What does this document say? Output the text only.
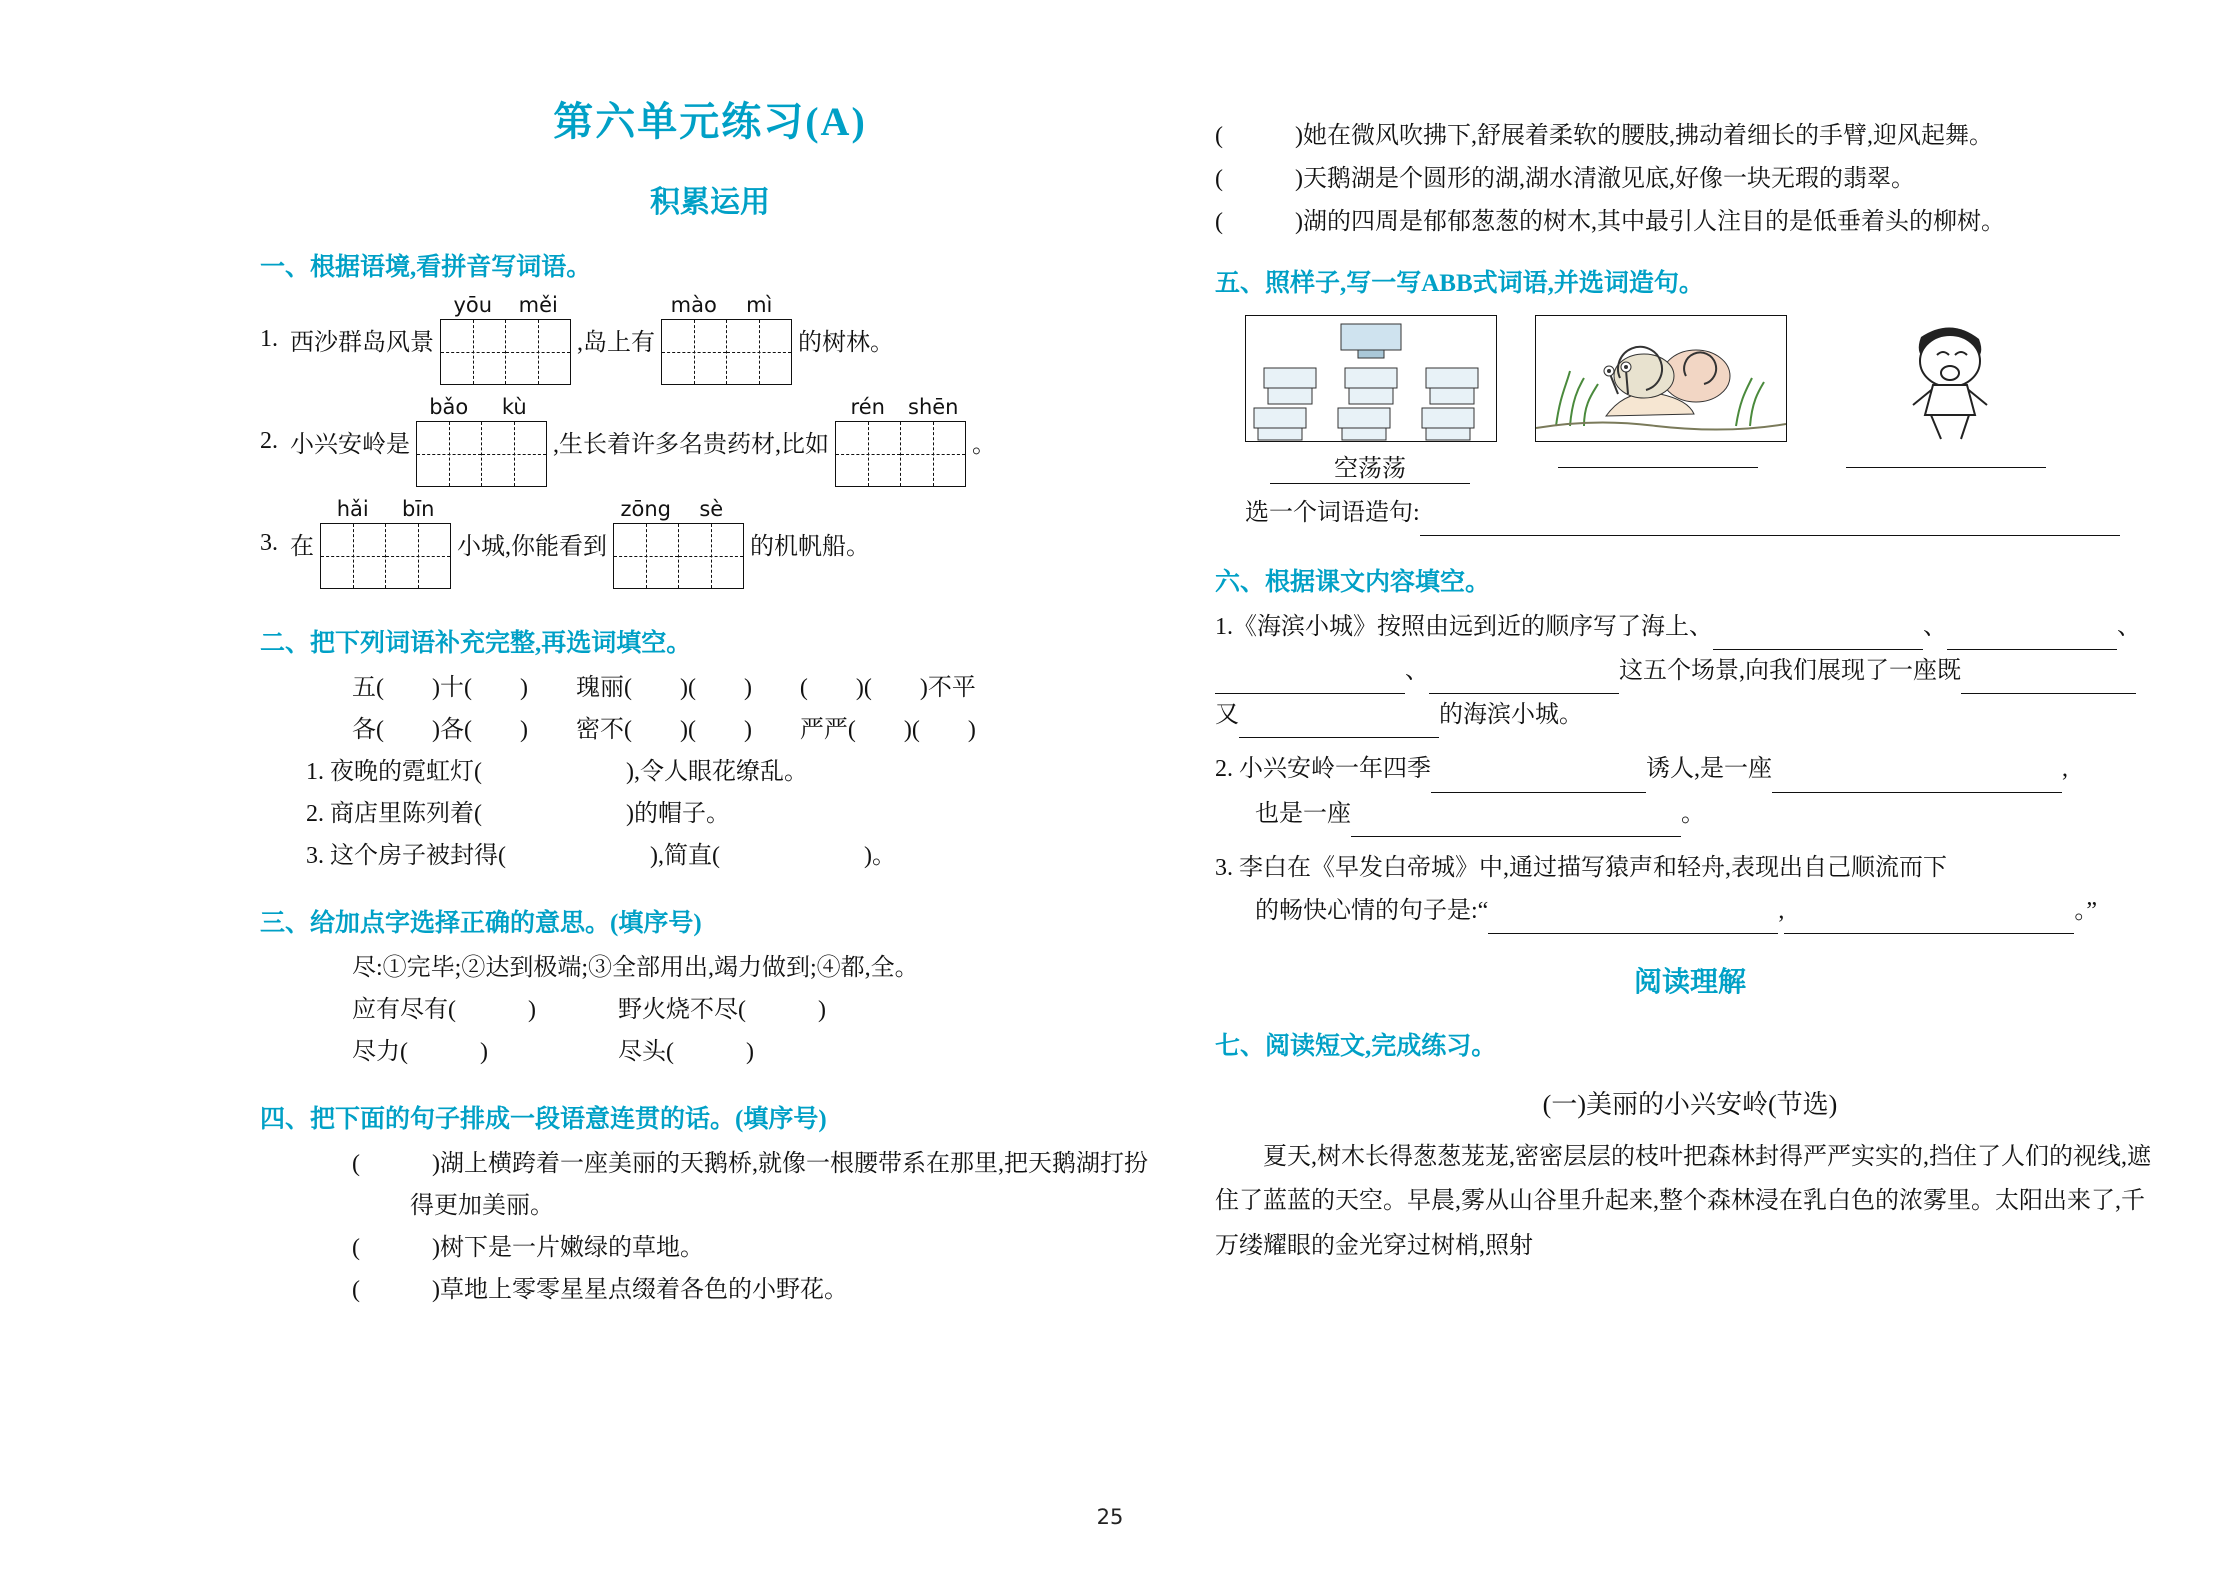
第六单元练习(A)
积累运用
一、根据语境,看拼音写词语。
1. 西沙群岛风景
yōu	měi
,岛上有
mào	mì
的树林。
2. 小兴安岭是
bǎo	kù
,生长着许多名贵药材,比如
rén	shēn
。
3. 在
hǎi	bīn
小城,你能看到
zōng	sè
的机帆船。
二、把下列词语补充完整,再选词填空。
五(　　)十(　　)　　瑰丽(　　)(　　)　　(　　)(　　)不平
各(　　)各(　　)　　密不(　　)(　　)　　严严(　　)(　　)
1. 夜晚的霓虹灯(　　　　　　),令人眼花缭乱。
2. 商店里陈列着(　　　　　　)的帽子。
3. 这个房子被封得(　　　　　　),简直(　　　　　　)。
三、给加点字选择正确的意思。(填序号)
尽:①完毕;②达到极端;③全部用出,竭力做到;④都,全。
应有尽有(　　　)	野火烧不尽(　　　)
尽力(　　　)	尽头(　　　)
四、把下面的句子排成一段语意连贯的话。(填序号)
(　　　)湖上横跨着一座美丽的天鹅桥,就像一根腰带系在那里,把天鹅湖打扮得更加美丽。
(　　　)树下是一片嫩绿的草地。
(　　　)草地上零零星星点缀着各色的小野花。
(　　　)她在微风吹拂下,舒展着柔软的腰肢,拂动着细长的手臂,迎风起舞。
(　　　)天鹅湖是个圆形的湖,湖水清澈见底,好像一块无瑕的翡翠。
(　　　)湖的四周是郁郁葱葱的树木,其中最引人注目的是低垂着头的柳树。
五、照样子,写一写ABB式词语,并选词造句。
空荡荡
选一个词语造句:
六、根据课文内容填空。
1.《海滨小城》按照由远到近的顺序写了海上、	、	、
、	这五个场景,向我们展现了一座既
又	的海滨小城。
2. 小兴安岭一年四季	诱人,是一座	,
也是一座	。
3. 李白在《早发白帝城》中,通过描写猿声和轻舟,表现出自己顺流而下
的畅快心情的句子是:“	,	。”
阅读理解
七、阅读短文,完成练习。
(一)美丽的小兴安岭(节选)
夏天,树木长得葱葱茏茏,密密层层的枝叶把森林封得严严实实的,挡住了人们的视线,遮住了蓝蓝的天空。早晨,雾从山谷里升起来,整个森林浸在乳白色的浓雾里。太阳出来了,千万缕耀眼的金光穿过树梢,照射
25
